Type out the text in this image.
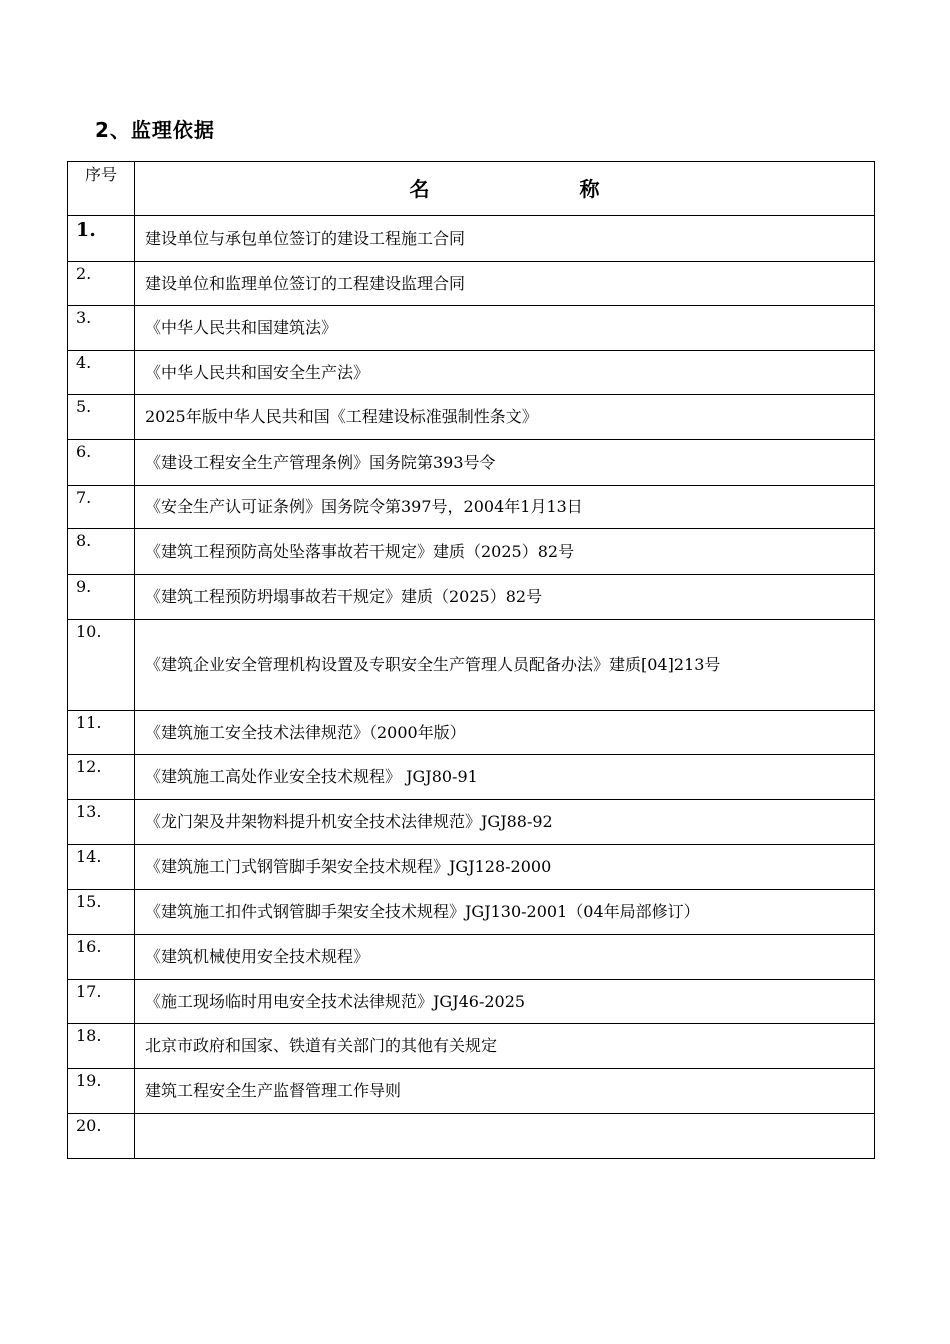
2、监理依据
序号	名 称
1.	建设单位与承包单位签订的建设工程施工合同
2.	建设单位和监理单位签订的工程建设监理合同
3.	《中华人民共和国建筑法》
4.	《中华人民共和国安全生产法》
5.	2025年版中华人民共和国《工程建设标准强制性条文》
6.	《建设工程安全生产管理条例》国务院第393号令
7.	《安全生产认可证条例》国务院令第397号，2004年1月13日
8.	《建筑工程预防高处坠落事故若干规定》建质（2025）82号
9.	《建筑工程预防坍塌事故若干规定》建质（2025）82号
10.	《建筑企业安全管理机构设置及专职安全生产管理人员配备办法》建质[04]213号
11.	《建筑施工安全技术法律规范》（2000年版）
12.	《建筑施工高处作业安全技术规程》 JGJ80-91
13.	《龙门架及井架物料提升机安全技术法律规范》JGJ88-92
14.	《建筑施工门式钢管脚手架安全技术规程》JGJ128-2000
15.	《建筑施工扣件式钢管脚手架安全技术规程》JGJ130-2001（04年局部修订）
16.	《建筑机械使用安全技术规程》
17.	《施工现场临时用电安全技术法律规范》JGJ46-2025
18.	北京市政府和国家、铁道有关部门的其他有关规定
19.	建筑工程安全生产监督管理工作导则
20.	
